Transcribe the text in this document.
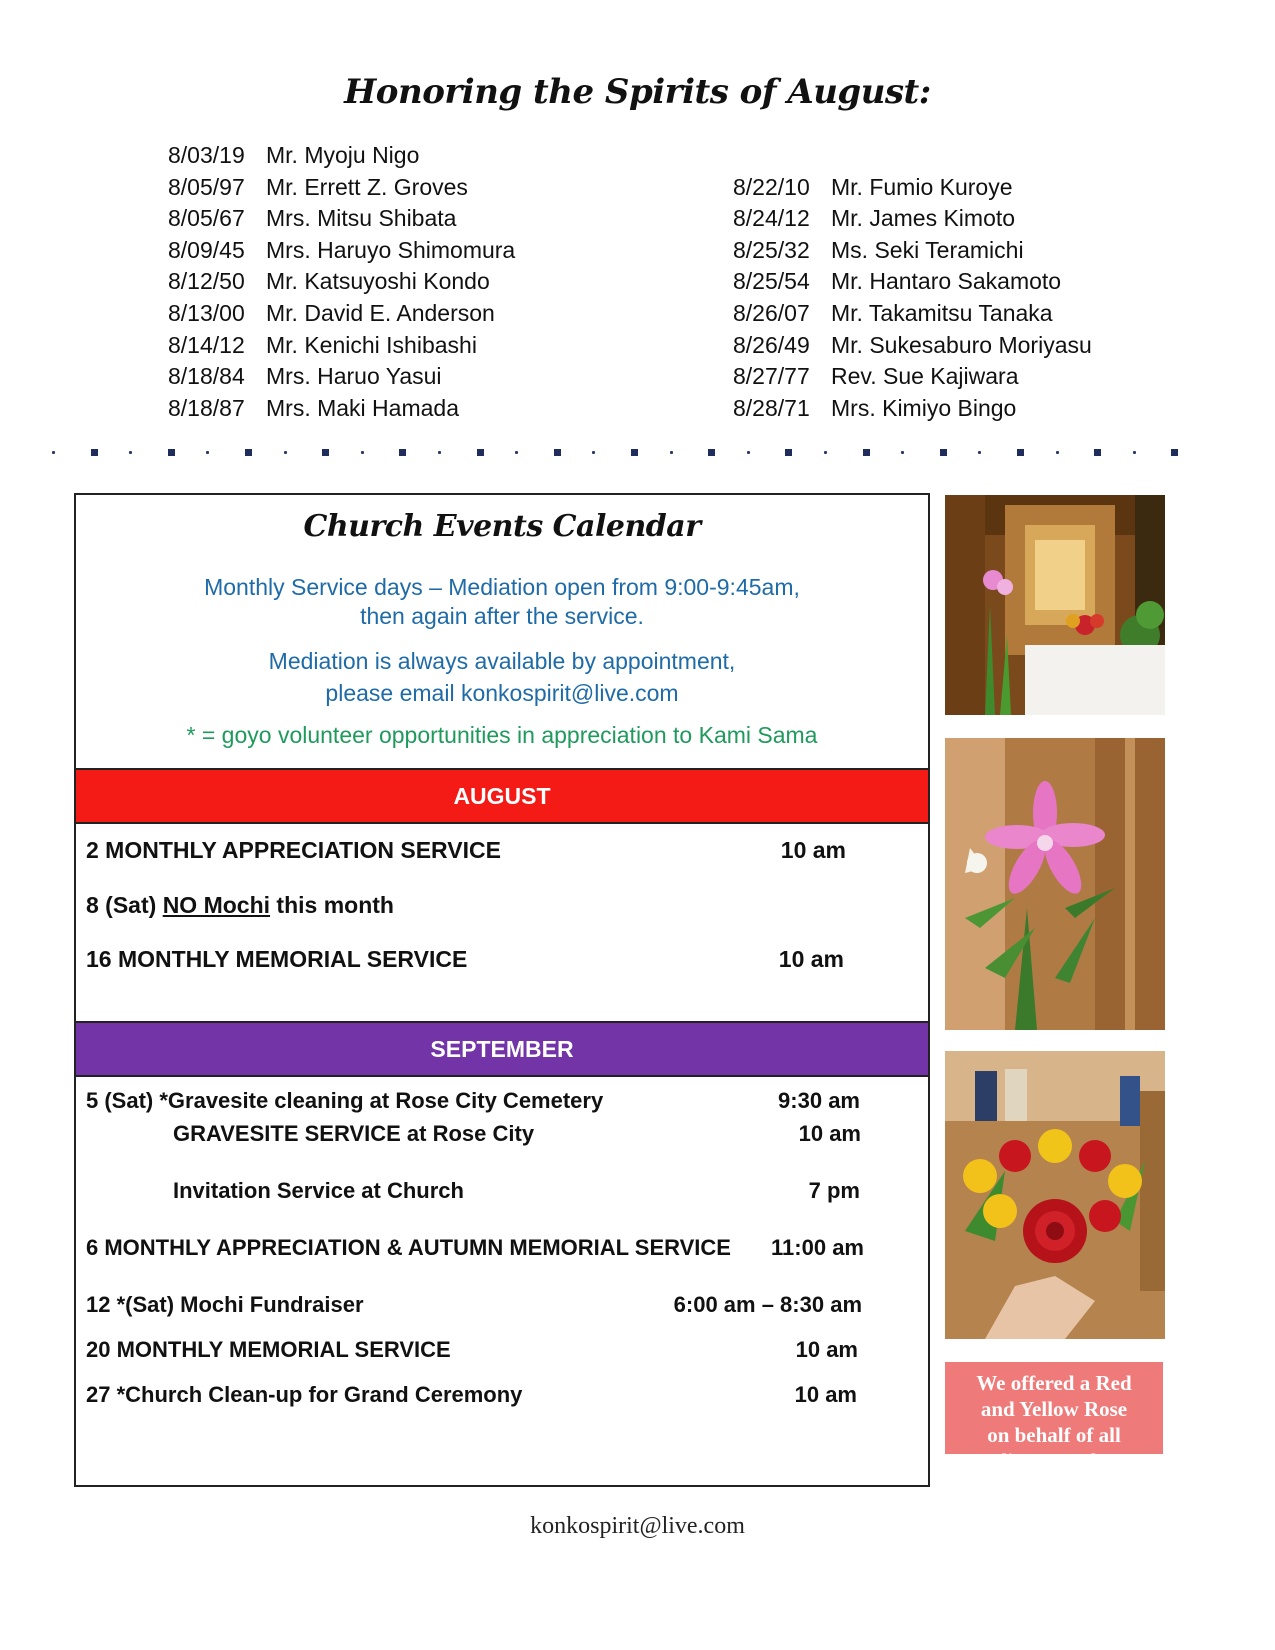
Honoring the Spirits of August:
8/03/19 Mr. Myoju Nigo
8/05/97 Mr. Errett Z. Groves
8/05/67 Mrs. Mitsu Shibata
8/09/45 Mrs. Haruyo Shimomura
8/12/50 Mr. Katsuyoshi Kondo
8/13/00 Mr. David E. Anderson
8/14/12 Mr. Kenichi Ishibashi
8/18/84 Mrs. Haruo Yasui
8/18/87 Mrs. Maki Hamada
8/22/10 Mr. Fumio Kuroye
8/24/12 Mr. James Kimoto
8/25/32 Ms. Seki Teramichi
8/25/54 Mr. Hantaro Sakamoto
8/26/07 Mr. Takamitsu Tanaka
8/26/49 Mr. Sukesaburo Moriyasu
8/27/77 Rev. Sue Kajiwara
8/28/71 Mrs. Kimiyo Bingo
Church Events Calendar
Monthly Service days – Mediation open from 9:00-9:45am,
then again after the service.
Mediation is always available by appointment,
please email konkospirit@live.com
* = goyo volunteer opportunities in appreciation to Kami Sama
AUGUST
2 MONTHLY APPRECIATION SERVICE	10 am
8 (Sat) NO Mochi this month
16 MONTHLY MEMORIAL SERVICE	10 am
SEPTEMBER
5 (Sat) *Gravesite cleaning at Rose City Cemetery	9:30 am
GRAVESITE SERVICE at Rose City	10 am
Invitation Service at Church	7 pm
6 MONTHLY APPRECIATION & AUTUMN MEMORIAL SERVICE 11:00 am
12 *(Sat) Mochi Fundraiser	6:00 am – 8:30 am
20 MONTHLY MEMORIAL SERVICE	10 am
27 *Church Clean-up for Grand Ceremony	10 am	We offered a Red
and Yellow Rose
on behalf of all
online attendees.
konkospirit@live.com
